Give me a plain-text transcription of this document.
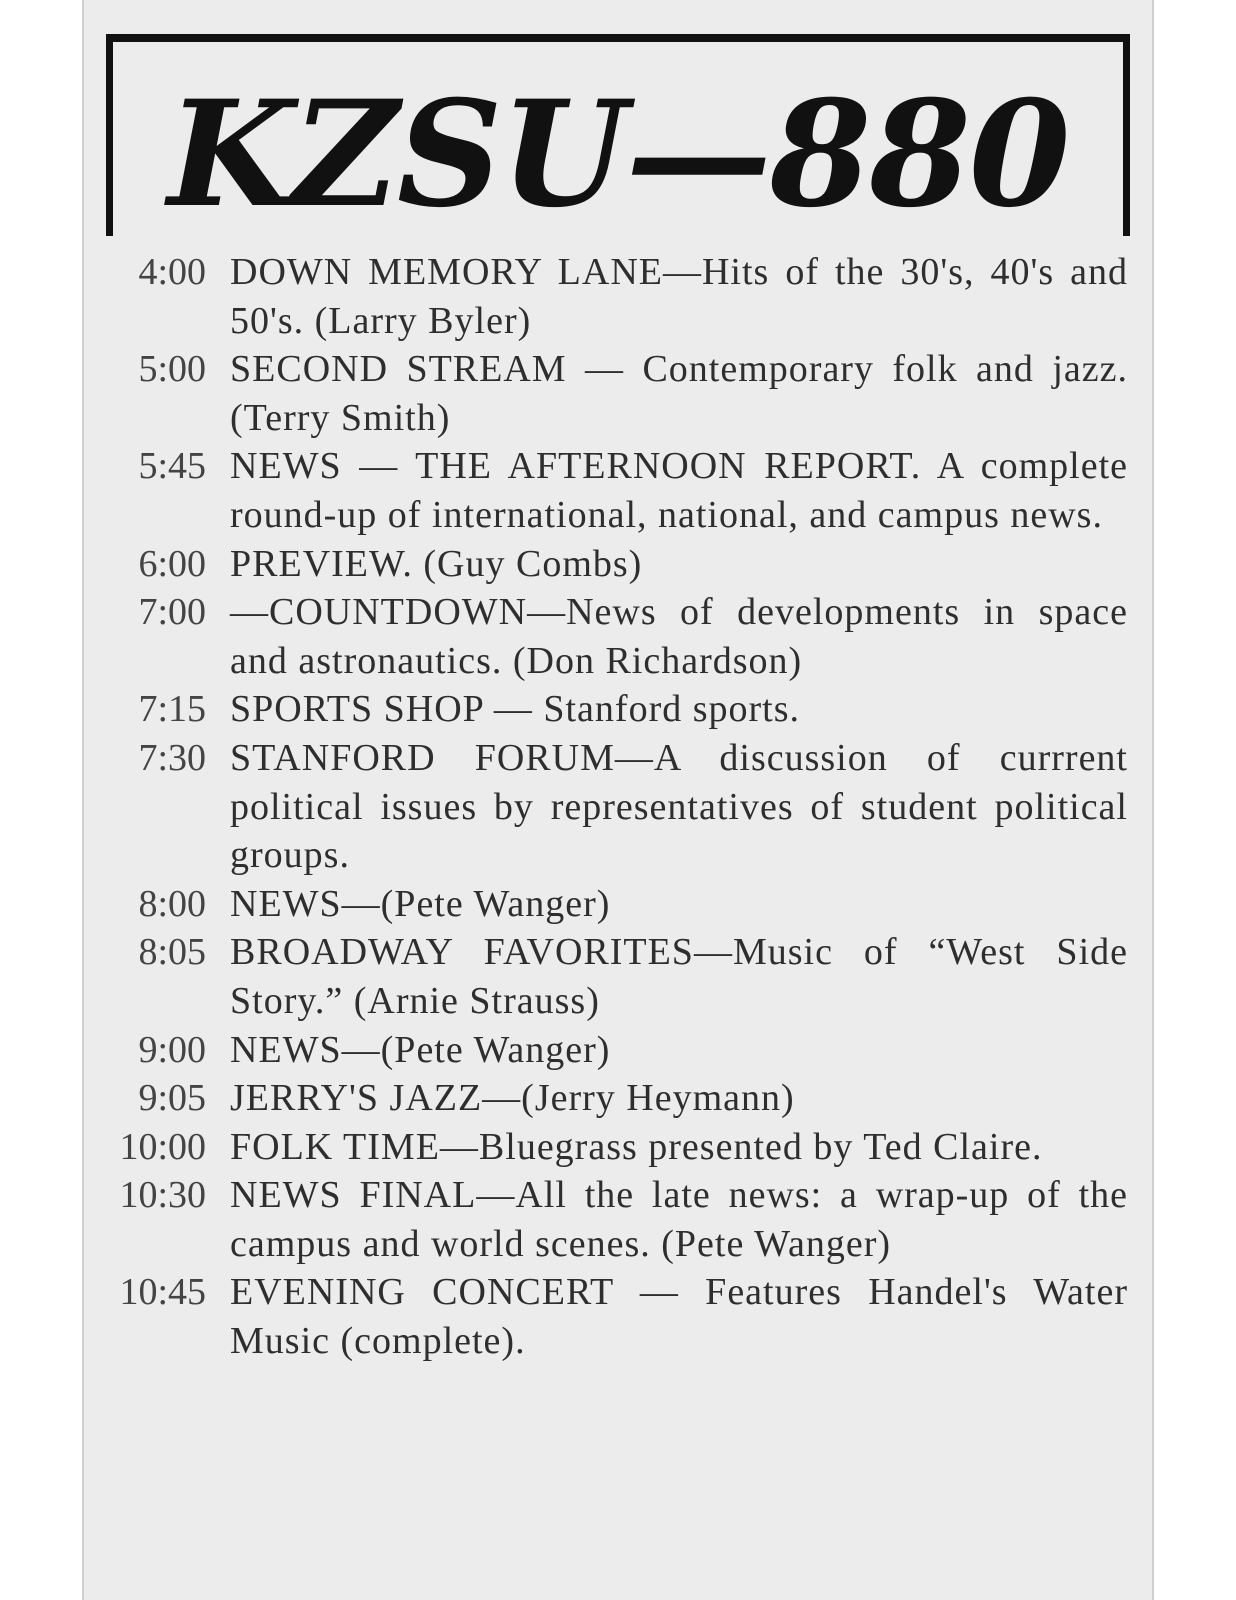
KZSU—880
4:00 DOWN MEMORY LANE—Hits of the 30's, 40's and 50's. (Larry Byler)
5:00 SECOND STREAM — Contemporary folk and jazz. (Terry Smith)
5:45 NEWS — THE AFTERNOON REPORT. A complete round-up of international, national, and campus news.
6:00 PREVIEW. (Guy Combs)
7:00 —COUNTDOWN—News of developments in space and astronautics. (Don Richardson)
7:15 SPORTS SHOP — Stanford sports.
7:30 STANFORD FORUM—A discussion of currrent political issues by representatives of student political groups.
8:00 NEWS—(Pete Wanger)
8:05 BROADWAY FAVORITES—Music of “West Side Story.” (Arnie Strauss)
9:00 NEWS—(Pete Wanger)
9:05 JERRY'S JAZZ—(Jerry Heymann)
10:00 FOLK TIME—Bluegrass presented by Ted Claire.
10:30 NEWS FINAL—All the late news: a wrap-up of the campus and world scenes. (Pete Wanger)
10:45 EVENING CONCERT — Features Handel's Water Music (complete).
